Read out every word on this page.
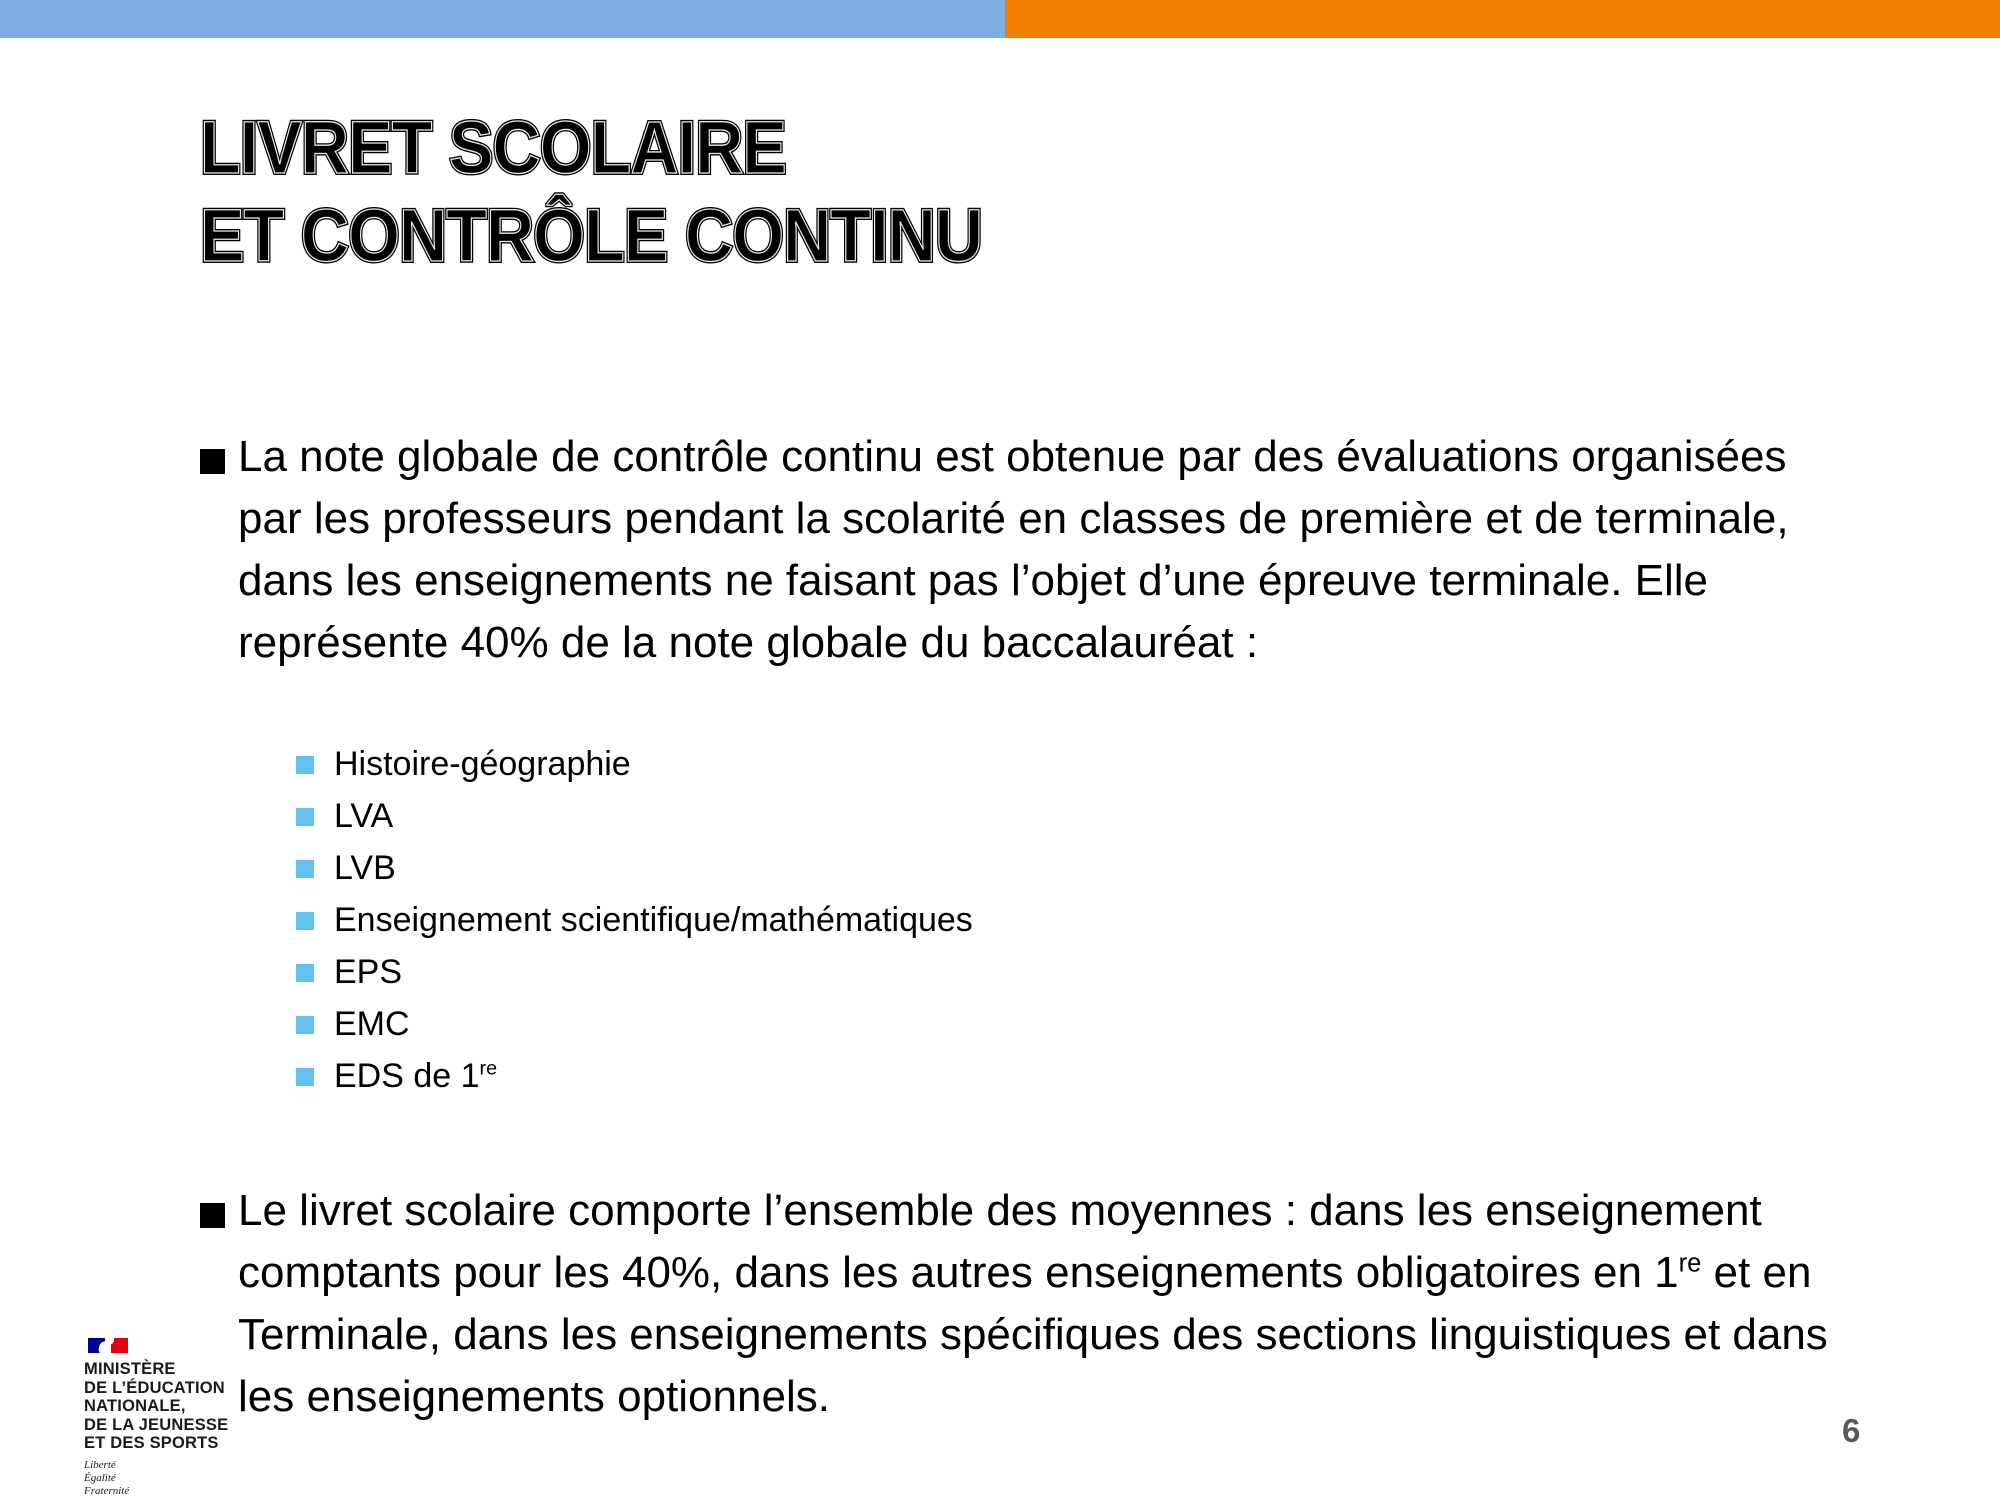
LIVRET SCOLAIRE LIVRET SCOLAIRE
ET CONTRÔLE CONTINU ET CONTRÔLE CONTINU

La note globale de contrôle continu est obtenue par des évaluations organisées par les professeurs pendant la scolarité en classes de première et de terminale, dans les enseignements ne faisant pas l’objet d’une épreuve terminale. Elle représente 40% de la note globale du baccalauréat :

Histoire-géographie
LVA
LVB
Enseignement scientifique/mathématiques
EPS
EMC
EDS de 1re

Le livret scolaire comporte l’ensemble des moyennes : dans les enseignement comptants pour les 40%, dans les autres enseignements obligatoires en 1re et en Terminale, dans les enseignements spécifiques des sections linguistiques et dans les enseignements optionnels.

MINISTÈRE
DE L’ÉDUCATION
NATIONALE,
DE LA JEUNESSE
ET DES SPORTS
Liberté
Égalité
Fraternité
6
